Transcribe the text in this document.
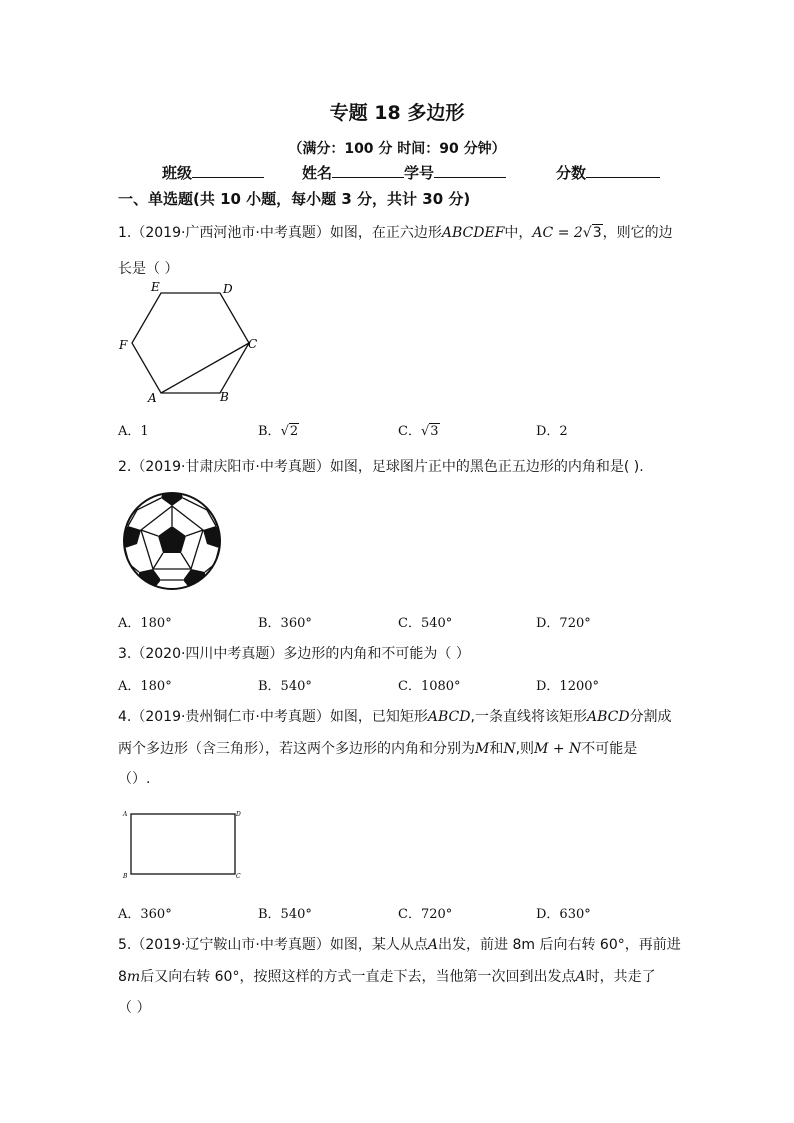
专题 18 多边形
（满分：100 分 时间：90 分钟）
班级	姓名	学号	分数
一、单选题(共 10 小题，每小题 3 分，共计 30 分)
1.（2019·广西河池市·中考真题）如图，在正六边形ABCDEF中，AC = 2√3，则它的边
长是（ ）
E	D
F	C
A	B
A．1	B．√2	C．√3	D．2
2.（2019·甘肃庆阳市·中考真题）如图，足球图片正中的黑色正五边形的内角和是( ).
A．180°	B．360°	C．540°	D．720°
3.（2020·四川中考真题）多边形的内角和不可能为（ ）
A．180°	B．540°	C．1080°	D．1200°
4.（2019·贵州铜仁市·中考真题）如图，已知矩形ABCD,一条直线将该矩形ABCD分割成
两个多边形（含三角形），若这两个多边形的内角和分别为M和N,则M + N不可能是
（）.
A	D
B	C
A．360°	B．540°	C．720°	D．630°
5.（2019·辽宁鞍山市·中考真题）如图，某人从点A出发，前进 8m 后向右转 60°，再前进
8m后又向右转 60°，按照这样的方式一直走下去，当他第一次回到出发点A时，共走了
（ ）
